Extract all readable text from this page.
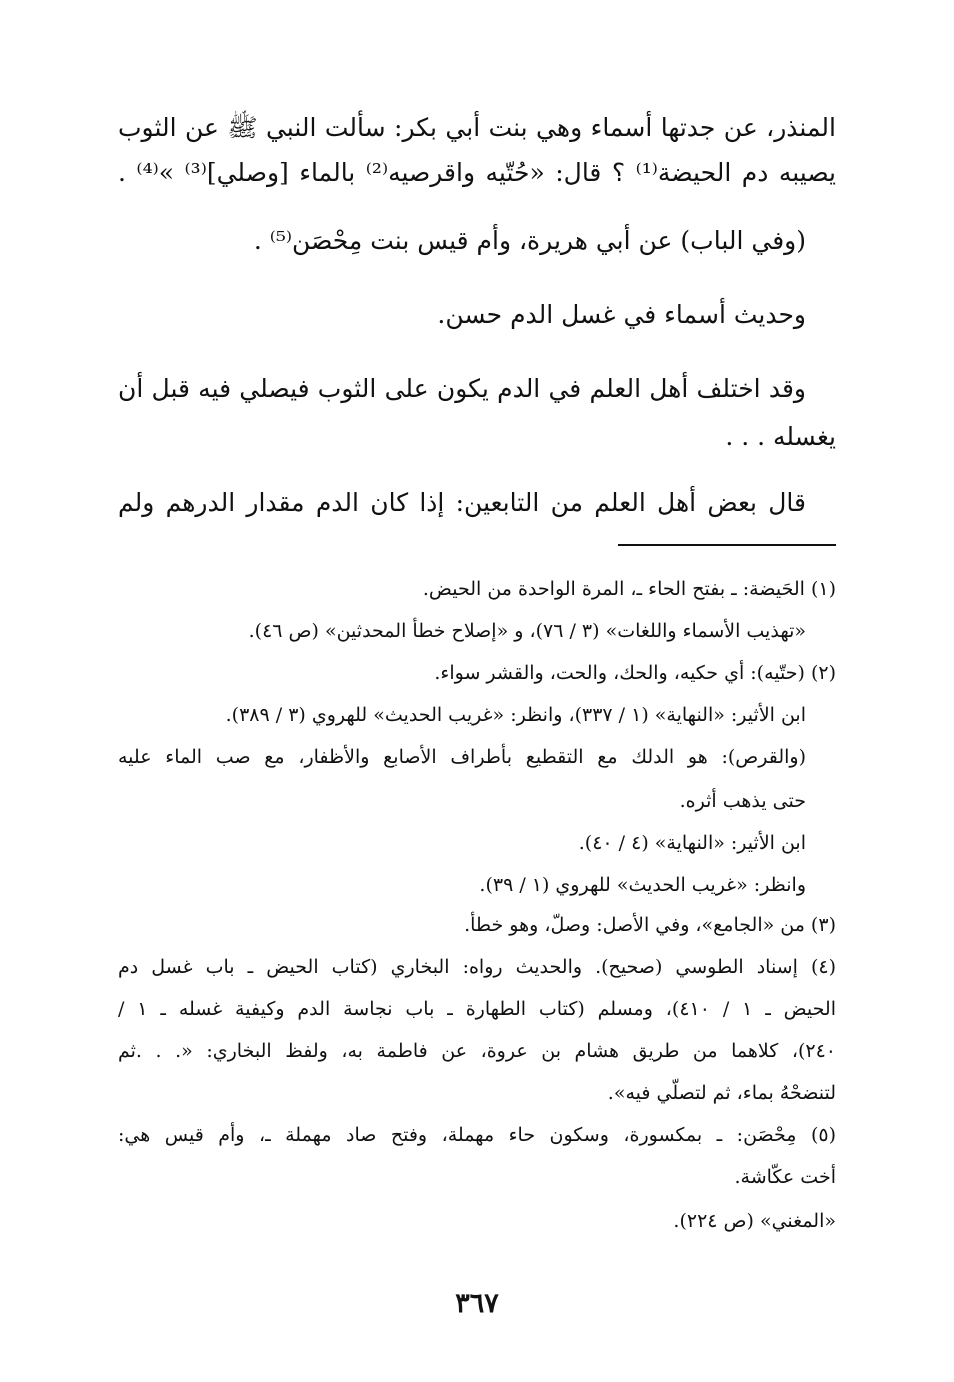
المنذر، عن جدتها أسماء وهي بنت أبي بكر: سألت النبي ﷺ عن الثوب
يصيبه دم الحيضة⁽¹⁾ ؟ قال: «حُتّيه واقرصيه⁽²⁾ بالماء [وصلي]⁽³⁾ »⁽⁴⁾ .
(وفي الباب) عن أبي هريرة، وأم قيس بنت مِحْصَن⁽⁵⁾ .
وحديث أسماء في غسل الدم حسن.
وقد اختلف أهل العلم في الدم يكون على الثوب فيصلي فيه قبل أن
يغسله . . .
قال بعض أهل العلم من التابعين: إذا كان الدم مقدار الدرهم ولم
(١) الحَيضة: ـ بفتح الحاء ـ، المرة الواحدة من الحيض.
«تهذيب الأسماء واللغات» (٣ / ٧٦)، و «إصلاح خطأ المحدثين» (ص ٤٦).
(٢) (حتّيه): أي حكيه، والحك، والحت، والقشر سواء.
ابن الأثير: «النهاية» (١ / ٣٣٧)، وانظر: «غريب الحديث» للهروي (٣ / ٣٨٩).
(والقرص): هو الدلك مع التقطيع بأطراف الأصابع والأظفار، مع صب الماء عليه
حتى يذهب أثره.
ابن الأثير: «النهاية» (٤ / ٤٠).
وانظر: «غريب الحديث» للهروي (١ / ٣٩).
(٣) من «الجامع»، وفي الأصل: وصلّ، وهو خطأ.
(٤) إسناد الطوسي (صحيح). والحديث رواه: البخاري (كتاب الحيض ـ باب غسل دم
الحيض ـ ١ / ٤١٠)، ومسلم (كتاب الطهارة ـ باب نجاسة الدم وكيفية غسله ـ ١ /
٢٤٠)، كلاهما من طريق هشام بن عروة، عن فاطمة به، ولفظ البخاري: «. . .ثم
لتنضحْهُ بماء، ثم لتصلّي فيه».
(٥) مِحْصَن: ـ بمكسورة، وسكون حاء مهملة، وفتح صاد مهملة ـ، وأم قيس هي:
أخت عكّاشة.
«المغني» (ص ٢٢٤).
٣٦٧
